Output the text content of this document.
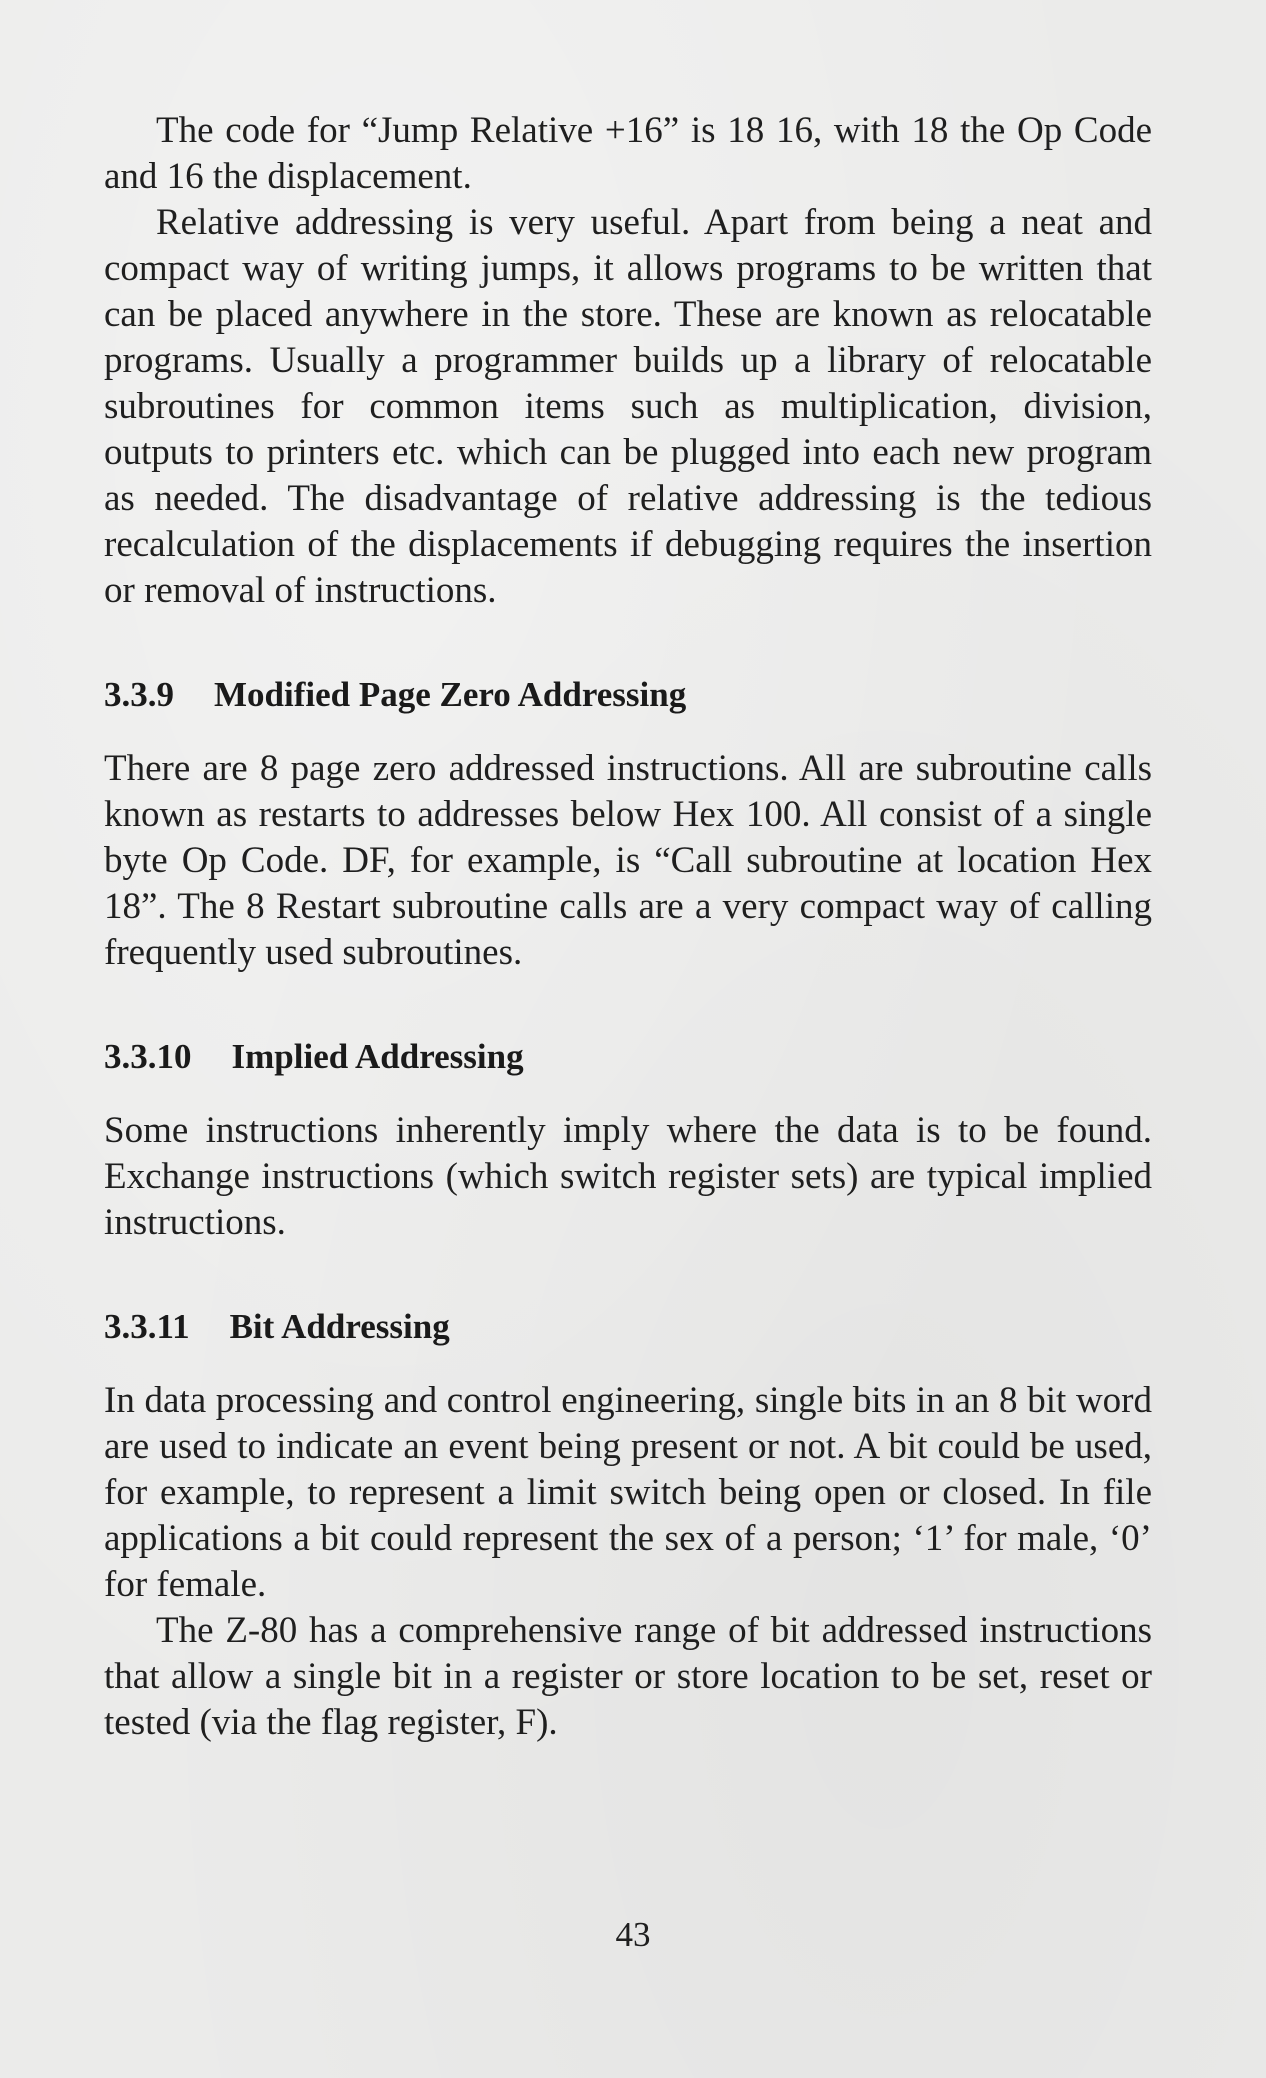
The code for “Jump Relative +16” is 18 16, with 18 the Op Code and 16 the displacement.

Relative addressing is very useful. Apart from being a neat and compact way of writing jumps, it allows programs to be written that can be placed anywhere in the store. These are known as relocatable programs. Usually a programmer builds up a library of relocatable subroutines for common items such as multiplication, division, outputs to printers etc. which can be plugged into each new program as needed. The disadvantage of relative addressing is the tedious recalculation of the displacements if debugging requires the insertion or removal of instructions.

3.3.9 Modified Page Zero Addressing

There are 8 page zero addressed instructions. All are subroutine calls known as restarts to addresses below Hex 100. All consist of a single byte Op Code. DF, for example, is “Call subroutine at location Hex 18”. The 8 Restart subroutine calls are a very compact way of calling frequently used subroutines.

3.3.10 Implied Addressing

Some instructions inherently imply where the data is to be found. Exchange instructions (which switch register sets) are typical implied instructions.

3.3.11 Bit Addressing

In data processing and control engineering, single bits in an 8 bit word are used to indicate an event being present or not. A bit could be used, for example, to represent a limit switch being open or closed. In file applications a bit could represent the sex of a person; ‘1’ for male, ‘0’ for female.

The Z-80 has a comprehensive range of bit addressed instructions that allow a single bit in a register or store location to be set, reset or tested (via the flag register, F).

43
